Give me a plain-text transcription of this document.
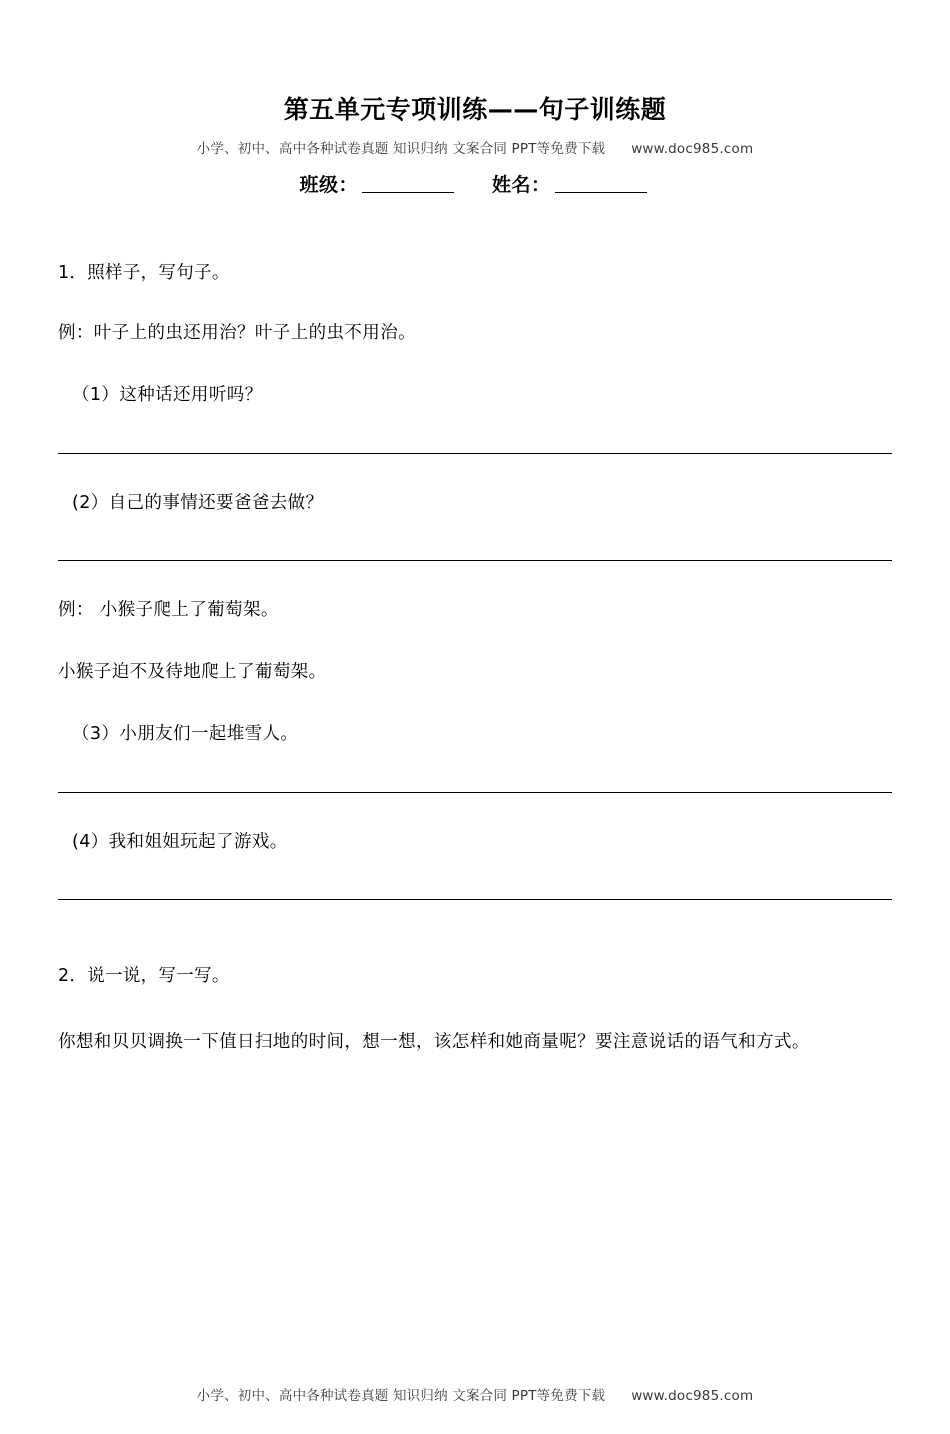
小学、初中、高中各种试卷真题 知识归纳 文案合同 PPT等免费下载 www.doc985.com
第五单元专项训练——句子训练题
班级：	姓名：
1．照样子，写句子。
例：叶子上的虫还用治？叶子上的虫不用治。
（1）这种话还用听吗？
(2）自己的事情还要爸爸去做？
例： 小猴子爬上了葡萄架。
小猴子迫不及待地爬上了葡萄架。
（3）小朋友们一起堆雪人。
(4）我和姐姐玩起了游戏。
2．说一说，写一写。
你想和贝贝调换一下值日扫地的时间，想一想，该怎样和她商量呢？要注意说话的语气和方式。
小学、初中、高中各种试卷真题 知识归纳 文案合同 PPT等免费下载 www.doc985.com
